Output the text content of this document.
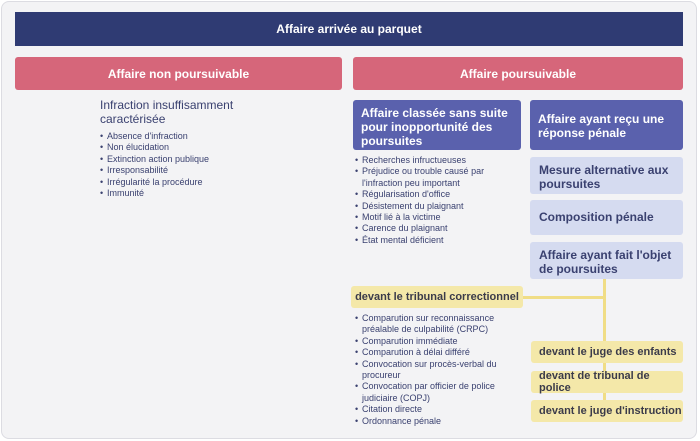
Affaire arrivée au parquet
Affaire non poursuivable	Affaire poursuivable
Infraction insuffisamment caractérisée
• Absence d'infraction
• Non élucidation
• Extinction action publique
• Irresponsabilité
• Irrégularité la procédure
• Immunité
Affaire classée sans suite pour inopportunité des poursuites
Affaire ayant reçu une réponse pénale
• Recherches infructueuses
• Préjudice ou trouble causé par l'infraction peu important
• Régularisation d'office
• Désistement du plaignant
• Motif lié à la victime
• Carence du plaignant
• État mental déficient
Mesure alternative aux poursuites
Composition pénale
Affaire ayant fait l'objet de poursuites
devant le tribunal correctionnel
• Comparution sur reconnaissance préalable de culpabilité (CRPC)
• Comparution immédiate
• Comparution à délai différé
• Convocation sur procès-verbal du procureur
• Convocation par officier de police judiciaire (COPJ)
• Citation directe
• Ordonnance pénale
devant le juge des enfants
devant de tribunal de police
devant le juge d'instruction
